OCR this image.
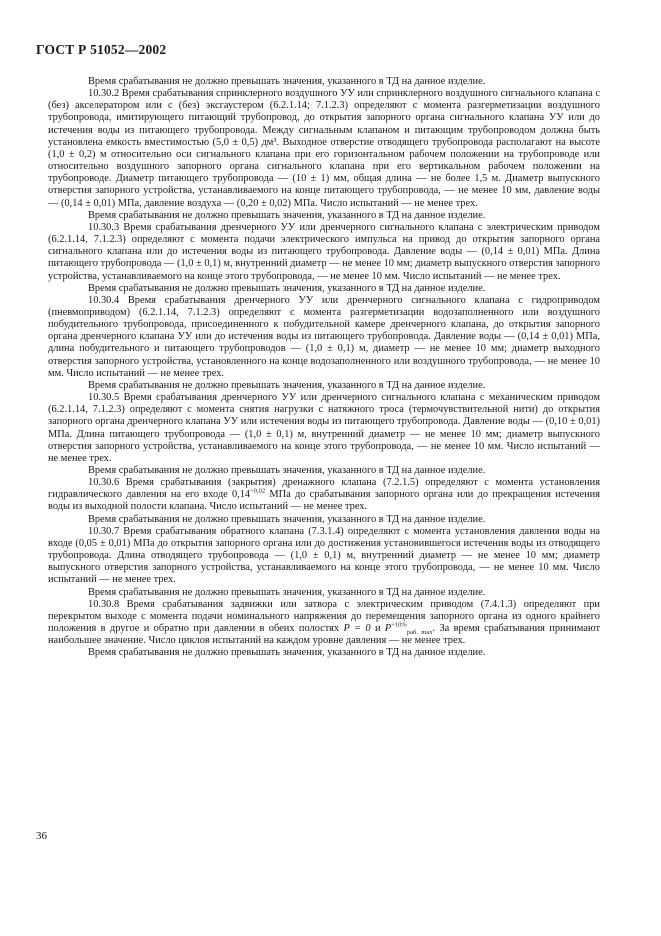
ГОСТ Р 51052—2002

Время срабатывания не должно превышать значения, указанного в ТД на данное изделие.

10.30.2 Время срабатывания спринклерного воздушного УУ или спринклерного воздушного сигнального клапана с (без) акселератором или с (без) эксгаустером (6.2.1.14; 7.1.2.3) определяют с момента разгерметизации воздушного трубопровода, имитирующего питающий трубопровод, до открытия запорного органа сигнального клапана УУ или до истечения воды из питающего трубопровода. Между сигнальным клапаном и питающим трубопроводом должна быть установлена емкость вместимостью (5,0 ± 0,5) дм³. Выходное отверстие отводящего трубопровода располагают на высоте (1,0 ± 0,2) м относительно оси сигнального клапана при его горизонтальном рабочем положении на трубопроводе или относительно воздушного запорного органа сигнального клапана при его вертикальном рабочем положении на трубопроводе. Диаметр питающего трубопровода — (10 ± 1) мм, общая длина — не более 1,5 м. Диаметр выпускного отверстия запорного устройства, устанавливаемого на конце питающего трубопровода, — не менее 10 мм, давление воды — (0,14 ± 0,01) МПа, давление воздуха — (0,20 ± 0,02) МПа. Число испытаний — не менее трех.

Время срабатывания не должно превышать значения, указанного в ТД на данное изделие.

10.30.3 Время срабатывания дренчерного УУ или дренчерного сигнального клапана с электрическим приводом (6.2.1.14, 7.1.2.3) определяют с момента подачи электрического импульса на привод до открытия запорного органа сигнального клапана или до истечения воды из питающего трубопровода. Давление воды — (0,14 ± 0,01) МПа. Длина питающего трубопровода — (1,0 ± 0,1) м, внутренний диаметр — не менее 10 мм; диаметр выпускного отверстия запорного устройства, устанавливаемого на конце этого трубопровода, — не менее 10 мм. Число испытаний — не менее трех.

Время срабатывания не должно превышать значения, указанного в ТД на данное изделие.

10.30.4 Время срабатывания дренчерного УУ или дренчерного сигнального клапана с гидроприводом (пневмоприводом) (6.2.1.14, 7.1.2.3) определяют с момента разгерметизации водозаполненного или воздушного побудительного трубопровода, присоединенного к побудительной камере дренчерного клапана, до открытия запорного органа дренчерного клапана УУ или до истечения воды из питающего трубопровода. Давление воды — (0,14 ± 0,01) МПа, длина побудительного и питающего трубопроводов — (1,0 ± 0,1) м, диаметр — не менее 10 мм; диаметр выходного отверстия запорного устройства, установленного на конце водозаполненного или воздушного трубопровода, — не менее 10 мм. Число испытаний — не менее трех.

Время срабатывания не должно превышать значения, указанного в ТД на данное изделие.

10.30.5 Время срабатывания дренчерного УУ или дренчерного сигнального клапана с механическим приводом (6.2.1.14, 7.1.2.3) определяют с момента снятия нагрузки с натяжного троса (термочувствительной нити) до открытия запорного органа дренчерного клапана УУ или истечения воды из питающего трубопровода. Давление воды — (0,10 ± 0,01) МПа. Длина питающего трубопровода — (1,0 ± 0,1) м, внутренний диаметр — не менее 10 мм; диаметр выпускного отверстия запорного устройства, устанавливаемого на конце этого трубопровода, — не менее 10 мм. Число испытаний — не менее трех.

Время срабатывания не должно превышать значения, указанного в ТД на данное изделие.

10.30.6 Время срабатывания (закрытия) дренажного клапана (7.2.1.5) определяют с момента установления гидравлического давления на его входе $0,14^{+0,02}$ МПа до срабатывания запорного органа или до прекращения истечения воды из выходной полости клапана. Число испытаний — не менее трех.

Время срабатывания не должно превышать значения, указанного в ТД на данное изделие.

10.30.7 Время срабатывания обратного клапана (7.3.1.4) определяют с момента установления давления воды на входе (0,05 ± 0,01) МПа до открытия запорного органа или до достижения установившегося истечения воды из отводящего трубопровода. Длина отводящего трубопровода — (1,0 ± 0,1) м, внутренний диаметр — не менее 10 мм; диаметр выпускного отверстия запорного устройства, устанавливаемого на конце этого трубопровода, — не менее 10 мм. Число испытаний — не менее трех.

Время срабатывания не должно превышать значения, указанного в ТД на данное изделие.

10.30.8 Время срабатывания задвижки или затвора с электрическим приводом (7.4.1.3) определяют при перекрытом выходе с момента подачи номинального напряжения до перемещения запорного органа из одного крайнего положения в другое и обратно при давлении в обеих полостях P = 0 и $P^{+10\%}_{раб. max}$. За время срабатывания принимают наибольшее значение. Число циклов испытаний на каждом уровне давления — не менее трех.

Время срабатывания не должно превышать значения, указанного в ТД на данное изделие.

36
